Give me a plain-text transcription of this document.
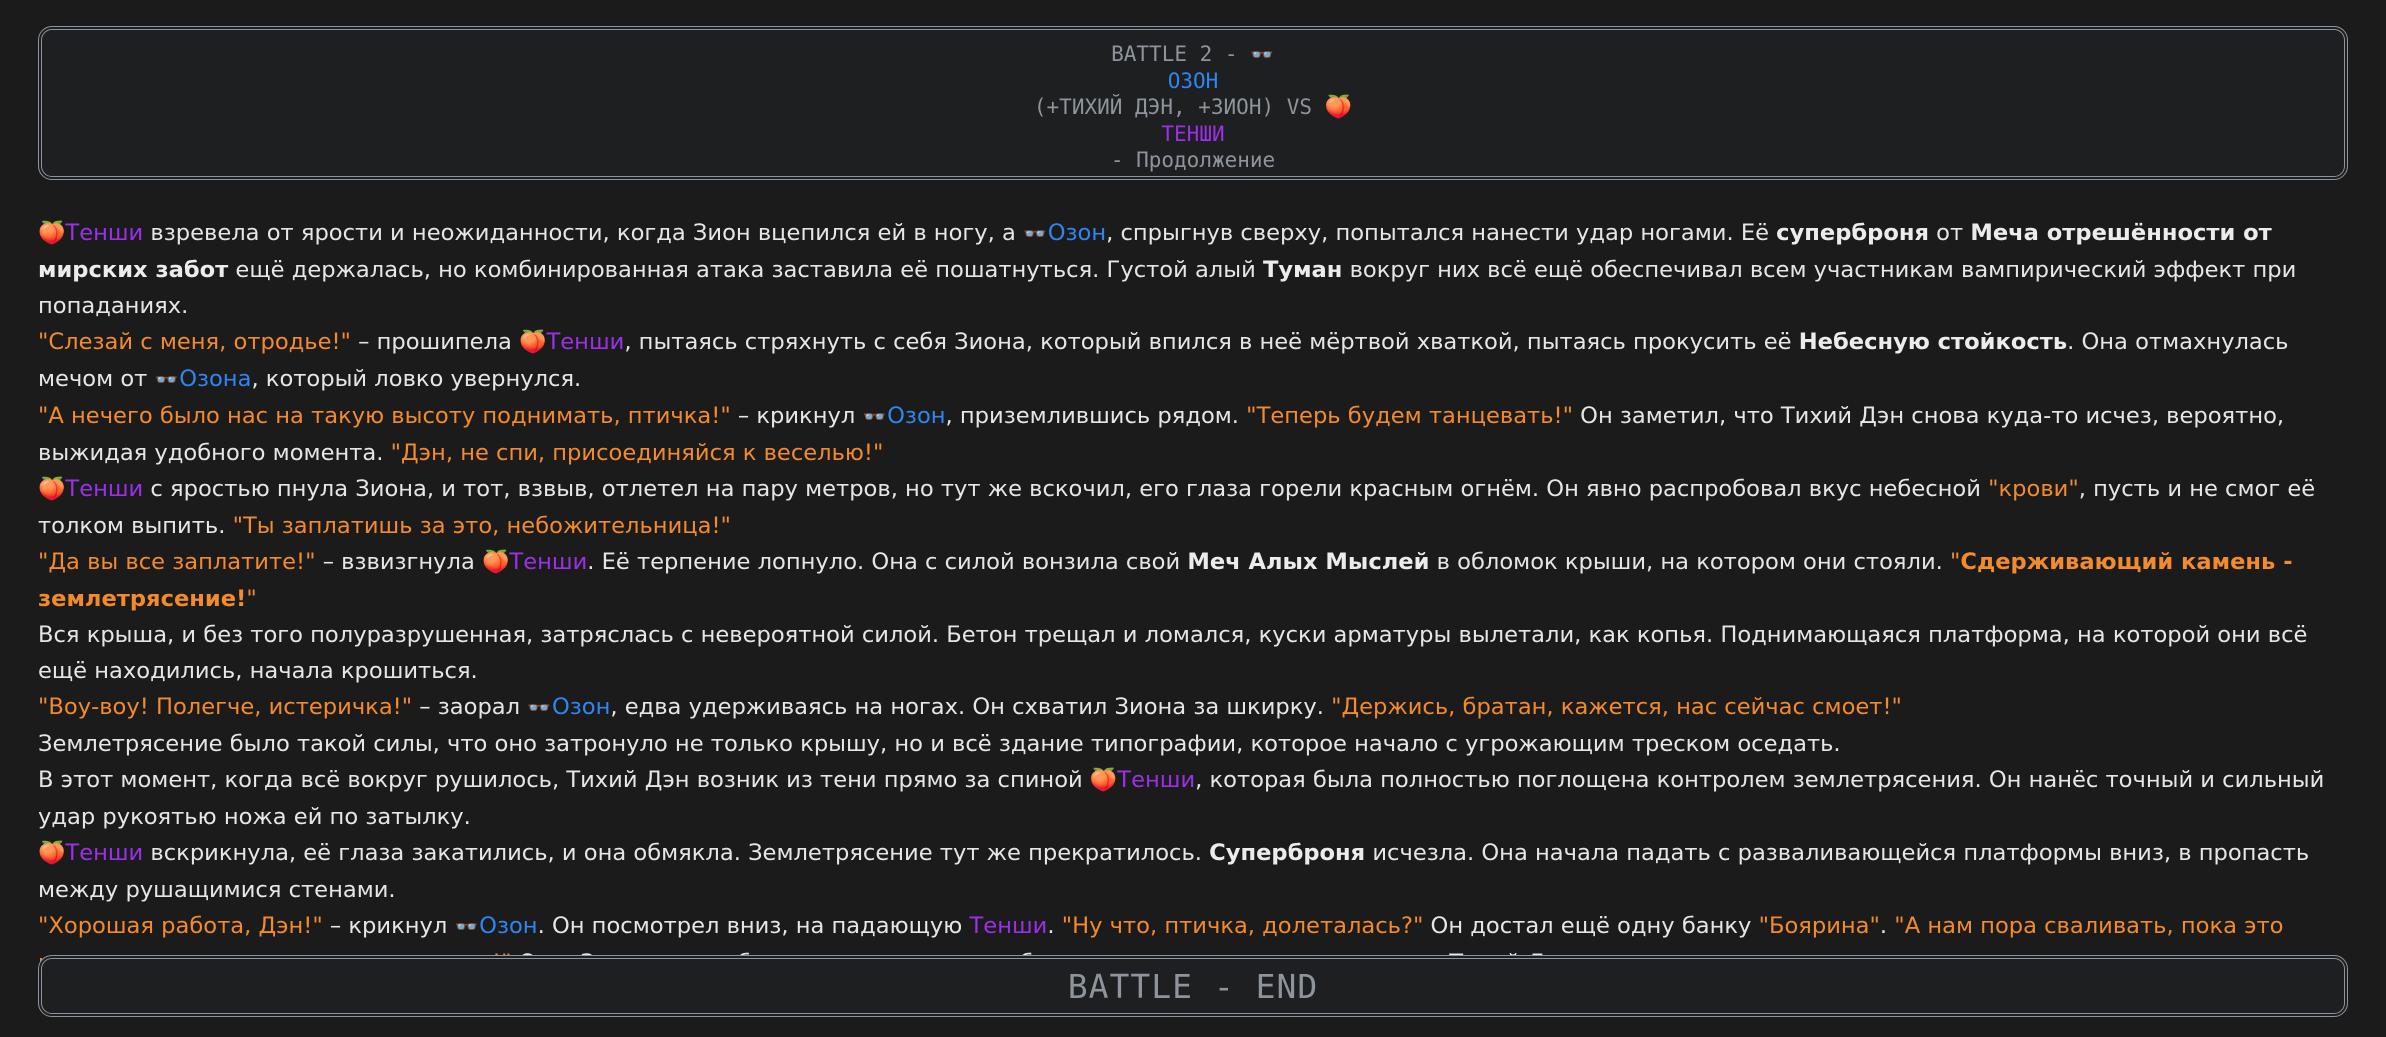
BATTLE 2 - 👓
ОЗОН
(+ТИХИЙ ДЭН, +ЗИОН) VS 🍑
ТЕНШИ
- Продолжение

🍑Тенши взревела от ярости и неожиданности, когда Зион вцепился ей в ногу, а 👓 Озон, спрыгнув сверху, попытался нанести удар ногами. Её суперброня от Меча отрешённости от мирских забот ещё держалась, но комбинированная атака заставила её пошатнуться. Густой алый Туман вокруг них всё ещё обеспечивал всем участникам вампирический эффект при попаданиях.

"Слезай с меня, отродье!" – прошипела 🍑Тенши, пытаясь стряхнуть с себя Зиона, который впился в неё мёртвой хваткой, пытаясь прокусить её Небесную стойкость. Она отмахнулась мечом от 👓 Озона, который ловко увернулся.

"А нечего было нас на такую высоту поднимать, птичка!" – крикнул 👓 Озон, приземлившись рядом. "Теперь будем танцевать!" Он заметил, что Тихий Дэн снова куда-то исчез, вероятно, выжидая удобного момента. "Дэн, не спи, присоединяйся к веселью!"

🍑Тенши с яростью пнула Зиона, и тот, взвыв, отлетел на пару метров, но тут же вскочил, его глаза горели красным огнём. Он явно распробовал вкус небесной "крови", пусть и не смог её толком выпить. "Ты заплатишь за это, небожительница!"

"Да вы все заплатите!" – взвизгнула 🍑Тенши. Её терпение лопнуло. Она с силой вонзила свой Меч Алых Мыслей в обломок крыши, на котором они стояли. "Сдерживающий камень - землетрясение!"

Вся крыша, и без того полуразрушенная, затряслась с невероятной силой. Бетон трещал и ломался, куски арматуры вылетали, как копья. Поднимающаяся платформа, на которой они всё ещё находились, начала крошиться.

"Воу-воу! Полегче, истеричка!" – заорал 👓 Озон, едва удерживаясь на ногах. Он схватил Зиона за шкирку. "Держись, братан, кажется, нас сейчас смоет!"

Землетрясение было такой силы, что оно затронуло не только крышу, но и всё здание типографии, которое начало с угрожающим треском оседать.

В этот момент, когда всё вокруг рушилось, Тихий Дэн возник из тени прямо за спиной 🍑Тенши, которая была полностью поглощена контролем землетрясения. Он нанёс точный и сильный удар рукоятью ножа ей по затылку.

🍑Тенши вскрикнула, её глаза закатились, и она обмякла. Землетрясение тут же прекратилось. Суперброня исчезла. Она начала падать с разваливающейся платформы вниз, в пропасть между рушащимися стенами.

"Хорошая работа, Дэн!" – крикнул 👓 Озон. Он посмотрел вниз, на падающую Тенши. "Ну что, птичка, долеталась?" Он достал ещё одну банку "Боярина". "А нам пора сваливать, пока это

BATTLE - END
